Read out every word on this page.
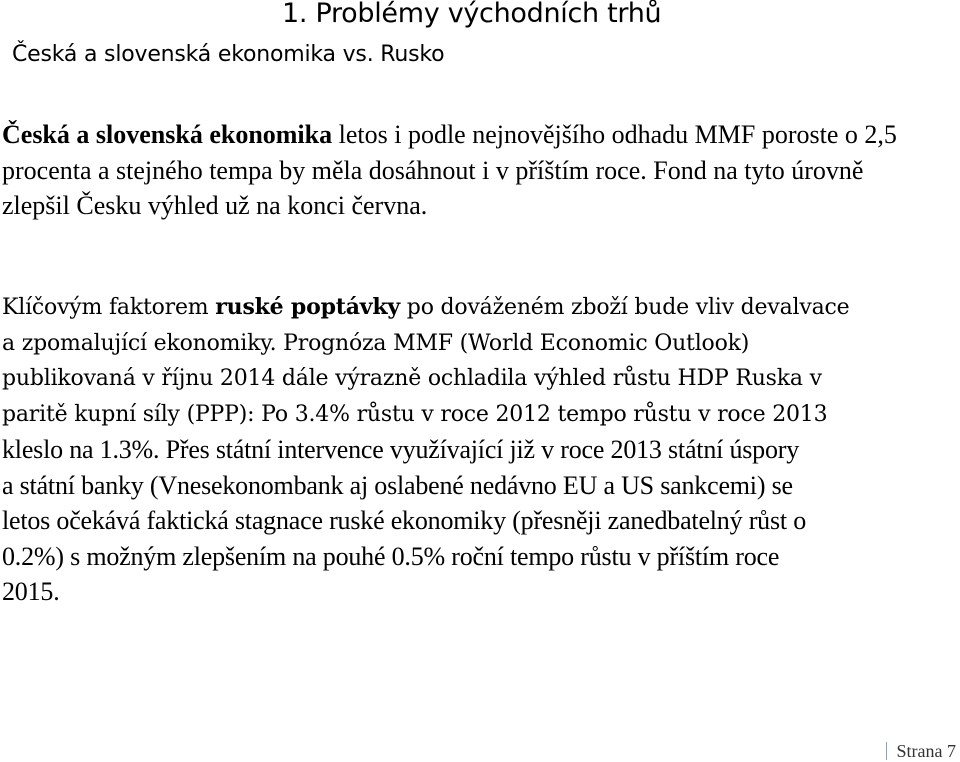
1. Problémy východních trhů
Česká a slovenská ekonomika vs. Rusko
Česká a slovenská ekonomika letos i podle nejnovějšího odhadu MMF poroste o 2,5
procenta a stejného tempa by měla dosáhnout i v příštím roce. Fond na tyto úrovně
zlepšil Česku výhled už na konci června.
Klíčovým faktorem ruské poptávky po dováženém zboží bude vliv devalvace
a zpomalující ekonomiky. Prognóza MMF (World Economic Outlook)
publikovaná v říjnu 2014 dále výrazně ochladila výhled růstu HDP Ruska v
paritě kupní síly (PPP): Po 3.4% růstu v roce 2012 tempo růstu v roce 2013
kleslo na 1.3%. Přes státní intervence využívající již v roce 2013 státní úspory
a státní banky (Vnesekonombank aj oslabené nedávno EU a US sankcemi) se
letos očekává faktická stagnace ruské ekonomiky (přesněji zanedbatelný růst o
0.2%) s možným zlepšením na pouhé 0.5% roční tempo růstu v příštím roce
2015.
Strana 7
